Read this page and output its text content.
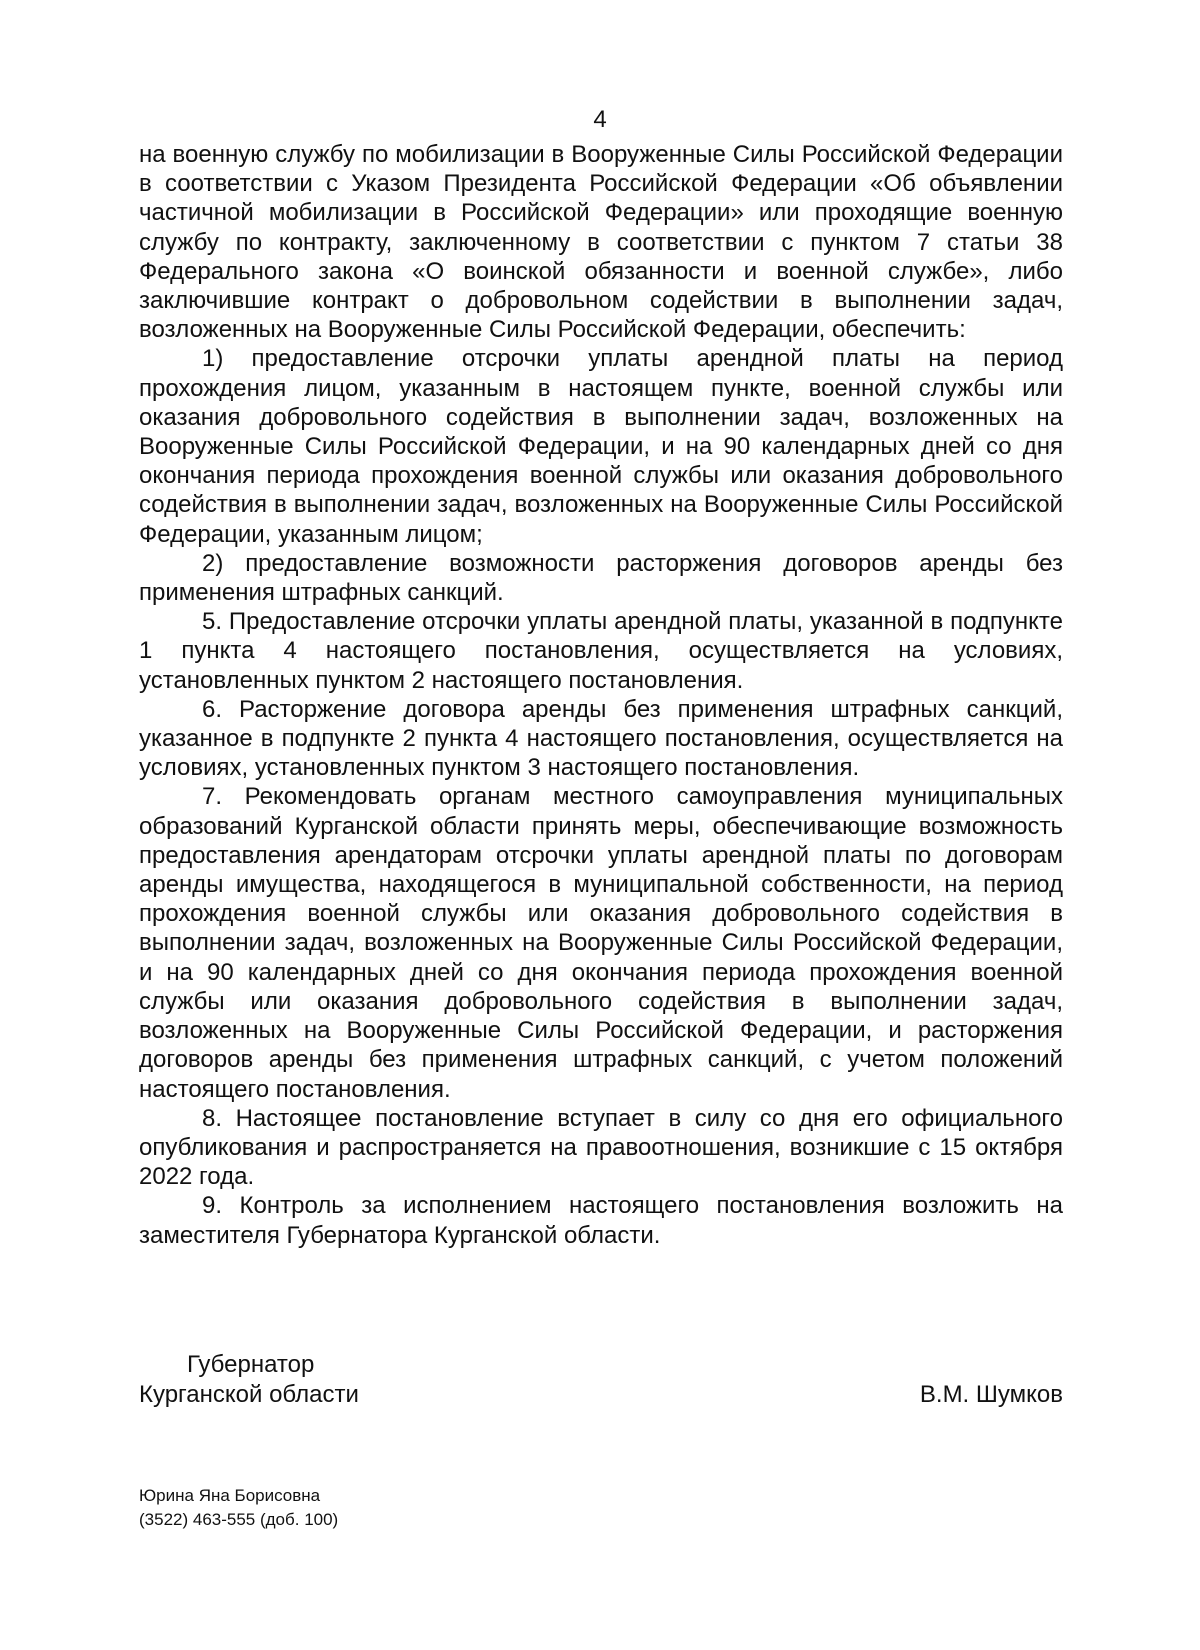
4

на военную службу по мобилизации в Вооруженные Силы Российской Федерации в соответствии с Указом Президента Российской Федерации «Об объявлении частичной мобилизации в Российской Федерации» или проходящие военную службу по контракту, заключенному в соответствии с пунктом 7 статьи 38 Федерального закона «О воинской обязанности и военной службе», либо заключившие контракт о добровольном содействии в выполнении задач, возложенных на Вооруженные Силы Российской Федерации, обеспечить:

1) предоставление отсрочки уплаты арендной платы на период прохождения лицом, указанным в настоящем пункте, военной службы или оказания добровольного содействия в выполнении задач, возложенных на Вооруженные Силы Российской Федерации, и на 90 календарных дней со дня окончания периода прохождения военной службы или оказания добровольного содействия в выполнении задач, возложенных на Вооруженные Силы Российской Федерации, указанным лицом;

2) предоставление возможности расторжения договоров аренды без применения штрафных санкций.

5. Предоставление отсрочки уплаты арендной платы, указанной в подпункте 1 пункта 4 настоящего постановления, осуществляется на условиях, установленных пунктом 2 настоящего постановления.

6. Расторжение договора аренды без применения штрафных санкций, указанное в подпункте 2 пункта 4 настоящего постановления, осуществляется на условиях, установленных пунктом 3 настоящего постановления.

7. Рекомендовать органам местного самоуправления муниципальных образований Курганской области принять меры, обеспечивающие возможность предоставления арендаторам отсрочки уплаты арендной платы по договорам аренды имущества, находящегося в муниципальной собственности, на период прохождения военной службы или оказания добровольного содействия в выполнении задач, возложенных на Вооруженные Силы Российской Федерации, и на 90 календарных дней со дня окончания периода прохождения военной службы или оказания добровольного содействия в выполнении задач, возложенных на Вооруженные Силы Российской Федерации, и расторжения договоров аренды без применения штрафных санкций, с учетом положений настоящего постановления.

8. Настоящее постановление вступает в силу со дня его официального опубликования и распространяется на правоотношения, возникшие с 15 октября 2022 года.

9. Контроль за исполнением настоящего постановления возложить на заместителя Губернатора Курганской области.

Губернатор
Курганской области	В.М. Шумков
Юрина Яна Борисовна
(3522) 463-555 (доб. 100)
